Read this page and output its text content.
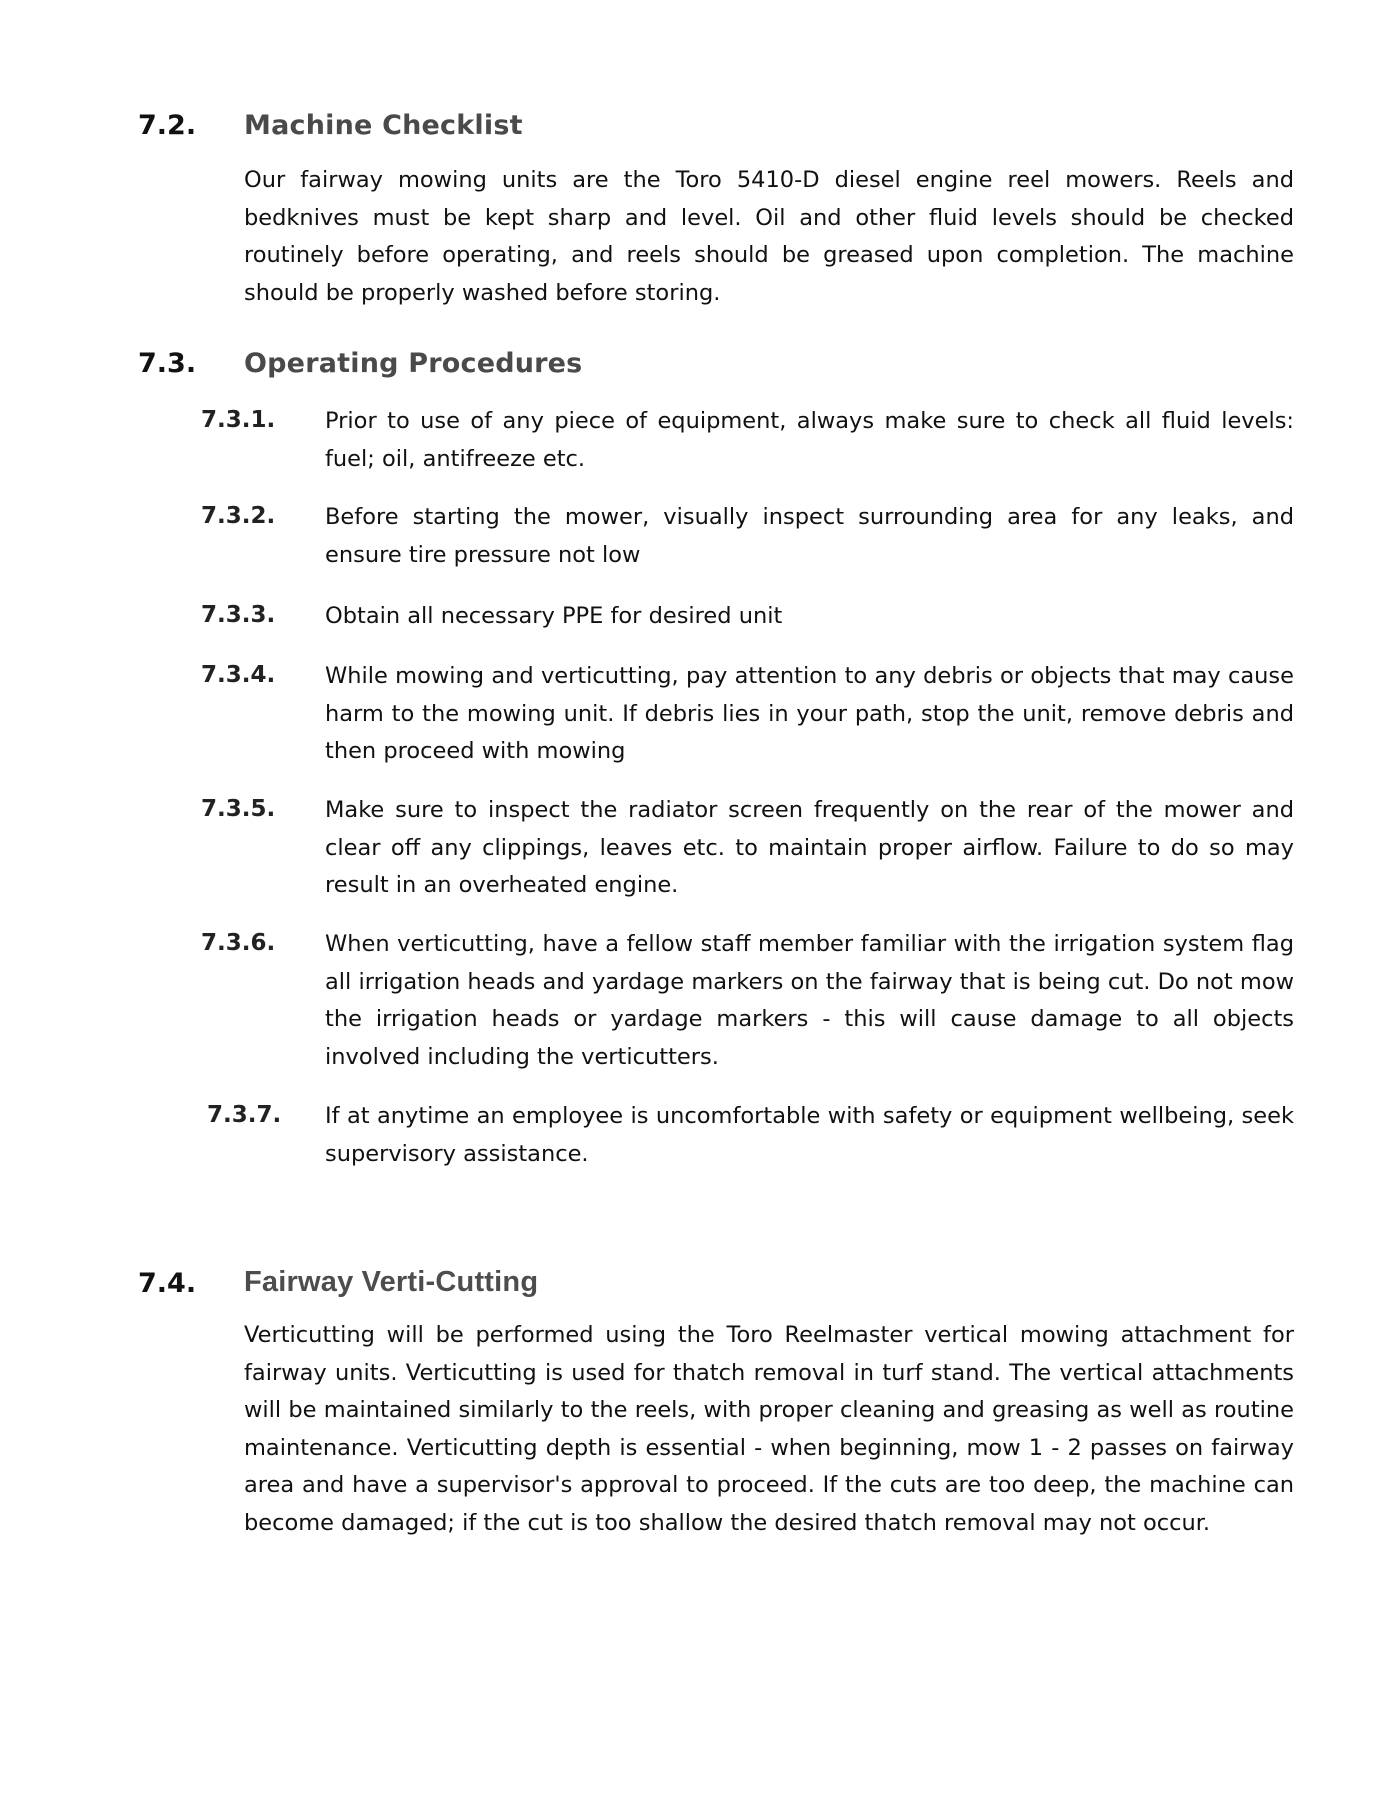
7.2. Machine Checklist
Our fairway mowing units are the Toro 5410-D diesel engine reel mowers. Reels and bedknives must be kept sharp and level. Oil and other fluid levels should be checked routinely before operating, and reels should be greased upon completion. The machine should be properly washed before storing.
7.3. Operating Procedures
7.3.1. Prior to use of any piece of equipment, always make sure to check all fluid levels: fuel; oil, antifreeze etc.
7.3.2. Before starting the mower, visually inspect surrounding area for any leaks, and ensure tire pressure not low
7.3.3. Obtain all necessary PPE for desired unit
7.3.4. While mowing and verticutting, pay attention to any debris or objects that may cause harm to the mowing unit. If debris lies in your path, stop the unit, remove debris and then proceed with mowing
7.3.5. Make sure to inspect the radiator screen frequently on the rear of the mower and clear off any clippings, leaves etc. to maintain proper airflow. Failure to do so may result in an overheated engine.
7.3.6. When verticutting, have a fellow staff member familiar with the irrigation system flag all irrigation heads and yardage markers on the fairway that is being cut. Do not mow the irrigation heads or yardage markers - this will cause damage to all objects involved including the verticutters.
7.3.7. If at anytime an employee is uncomfortable with safety or equipment wellbeing, seek supervisory assistance.
7.4. Fairway Verti-Cutting
Verticutting will be performed using the Toro Reelmaster vertical mowing attachment for fairway units. Verticutting is used for thatch removal in turf stand. The vertical attachments will be maintained similarly to the reels, with proper cleaning and greasing as well as routine maintenance. Verticutting depth is essential - when beginning, mow 1 - 2 passes on fairway area and have a supervisor's approval to proceed. If the cuts are too deep, the machine can become damaged; if the cut is too shallow the desired thatch removal may not occur.
